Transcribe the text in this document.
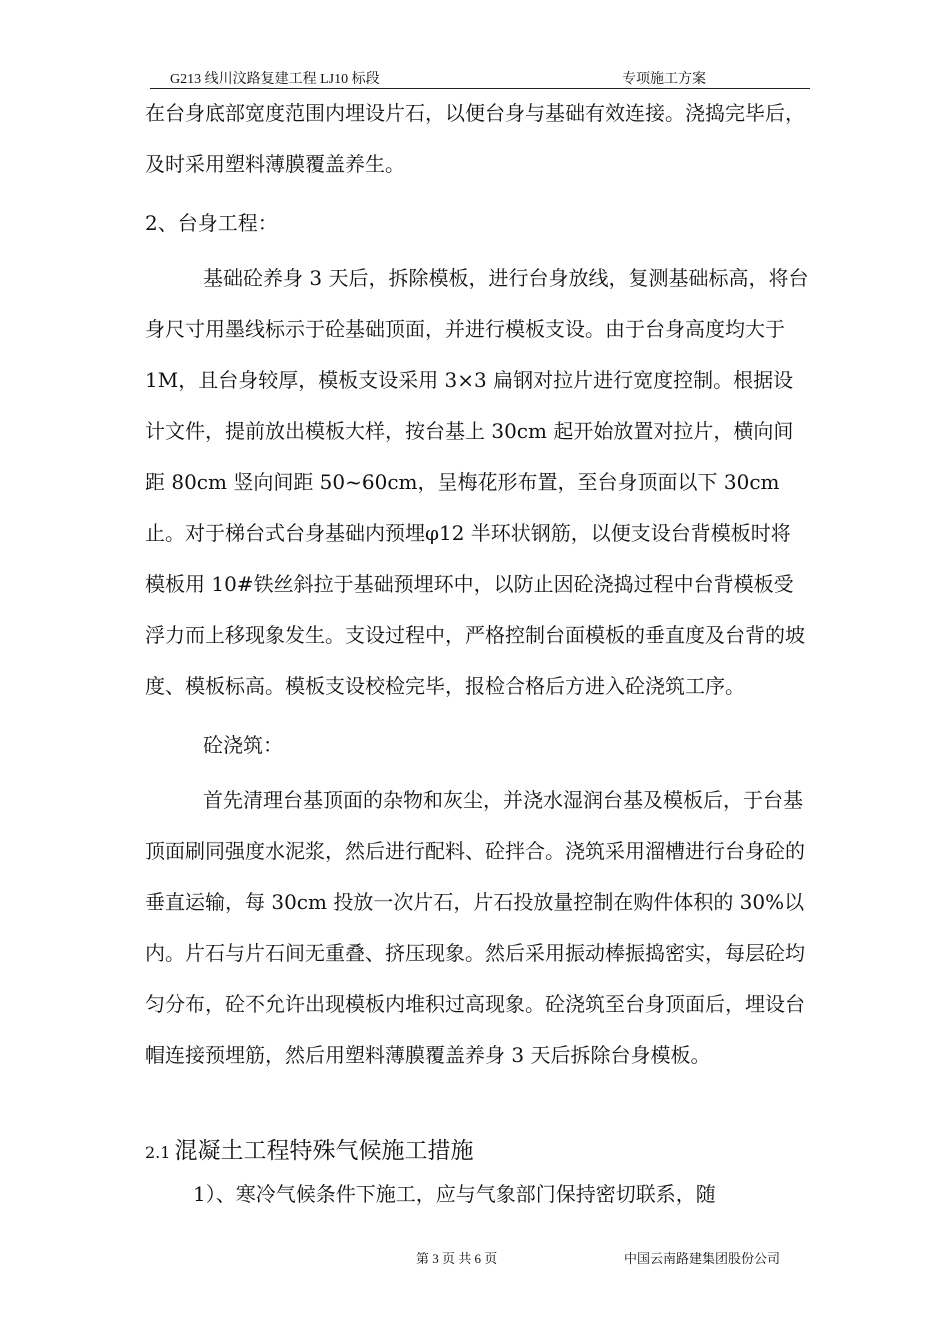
G213 线川汶路复建工程 LJ10 标段	专项施工方案

在台身底部宽度范围内埋设片石，以便台身与基础有效连接。浇捣完毕后，及时采用塑料薄膜覆盖养生。

2、台身工程：

基础砼养身 3 天后，拆除模板，进行台身放线，复测基础标高，将台身尺寸用墨线标示于砼基础顶面，并进行模板支设。由于台身高度均大于 1M，且台身较厚，模板支设采用 3×3 扁钢对拉片进行宽度控制。根据设计文件，提前放出模板大样，按台基上 30cm 起开始放置对拉片，横向间距 80cm 竖向间距 50~60cm，呈梅花形布置，至台身顶面以下 30cm 止。对于梯台式台身基础内预埋φ12 半环状钢筋，以便支设台背模板时将模板用 10#铁丝斜拉于基础预埋环中，以防止因砼浇捣过程中台背模板受浮力而上移现象发生。支设过程中，严格控制台面模板的垂直度及台背的坡度、模板标高。模板支设校检完毕，报检合格后方进入砼浇筑工序。

砼浇筑：

首先清理台基顶面的杂物和灰尘，并浇水湿润台基及模板后，于台基顶面刷同强度水泥浆，然后进行配料、砼拌合。浇筑采用溜槽进行台身砼的垂直运输，每 30cm 投放一次片石，片石投放量控制在购件体积的 30%以内。片石与片石间无重叠、挤压现象。然后采用振动棒振捣密实，每层砼均匀分布，砼不允许出现模板内堆积过高现象。砼浇筑至台身顶面后，埋设台帽连接预埋筋，然后用塑料薄膜覆盖养身 3 天后拆除台身模板。

2.1 混凝土工程特殊气候施工措施
1）、寒冷气候条件下施工，应与气象部门保持密切联系，随
第 3 页 共 6 页	中国云南路建集团股份公司
